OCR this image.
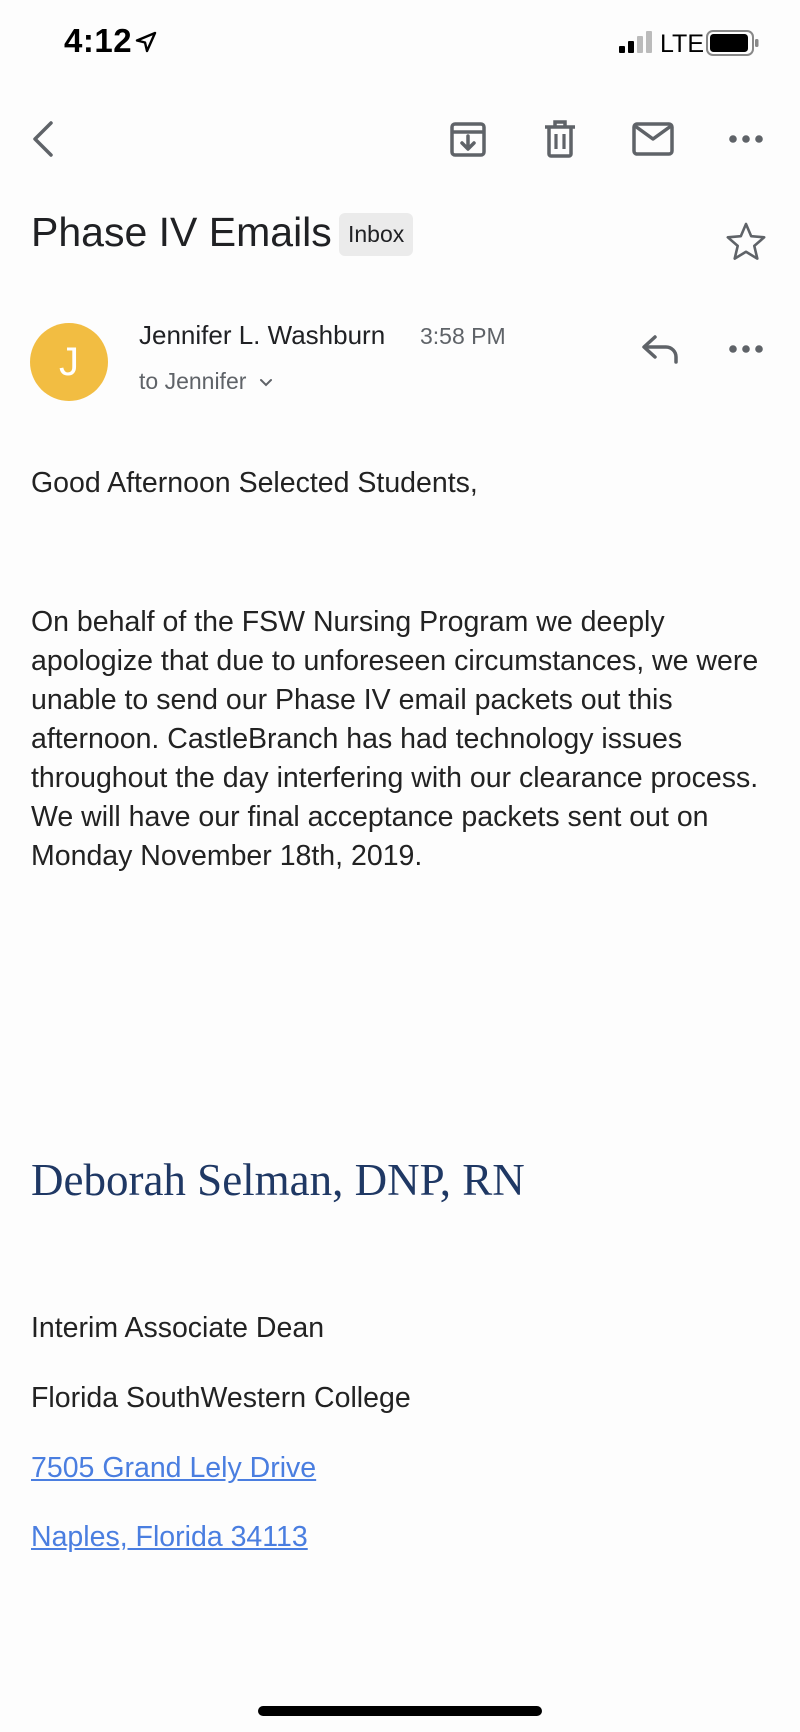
4:12	LTE
Phase IV Emails Inbox
J
Jennifer L. Washburn 3:58 PM
to Jennifer
Good Afternoon Selected Students,
On behalf of the FSW Nursing Program we deeply apologize that due to unforeseen circumstances, we were unable to send our Phase IV email packets out this afternoon. CastleBranch has had technology issues throughout the day interfering with our clearance process. We will have our final acceptance packets sent out on Monday November 18th, 2019.
Deborah Selman, DNP, RN
Interim Associate Dean
Florida SouthWestern College
7505 Grand Lely Drive
Naples, Florida 34113
